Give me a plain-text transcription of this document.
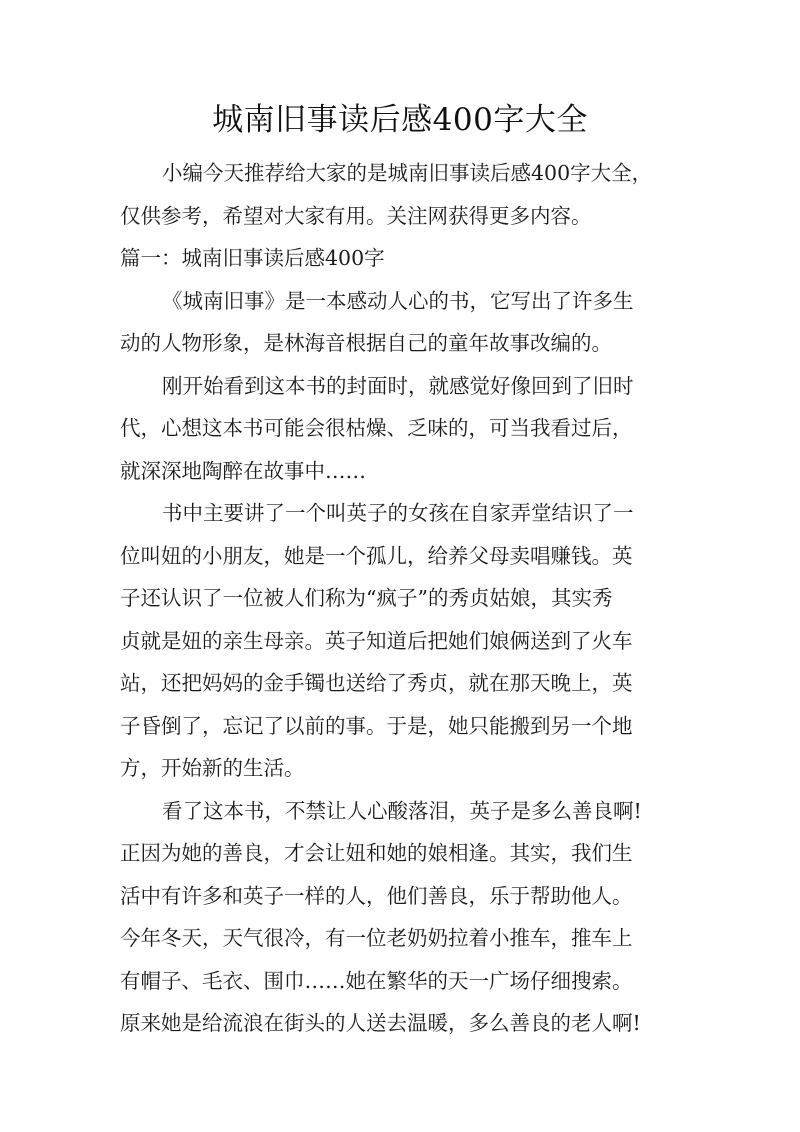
城南旧事读后感400字大全
小编今天推荐给大家的是城南旧事读后感400字大全，
仅供参考，希望对大家有用。关注网获得更多内容。
篇一：城南旧事读后感400字
《城南旧事》是一本感动人心的书，它写出了许多生
动的人物形象，是林海音根据自己的童年故事改编的。
刚开始看到这本书的封面时，就感觉好像回到了旧时
代，心想这本书可能会很枯燥、乏味的，可当我看过后，
就深深地陶醉在故事中……
书中主要讲了一个叫英子的女孩在自家弄堂结识了一
位叫妞的小朋友，她是一个孤儿，给养父母卖唱赚钱。英
子还认识了一位被人们称为“疯子”的秀贞姑娘，其实秀
贞就是妞的亲生母亲。英子知道后把她们娘俩送到了火车
站，还把妈妈的金手镯也送给了秀贞，就在那天晚上，英
子昏倒了，忘记了以前的事。于是，她只能搬到另一个地
方，开始新的生活。
看了这本书，不禁让人心酸落泪，英子是多么善良啊!
正因为她的善良，才会让妞和她的娘相逢。其实，我们生
活中有许多和英子一样的人，他们善良，乐于帮助他人。
今年冬天，天气很冷，有一位老奶奶拉着小推车，推车上
有帽子、毛衣、围巾……她在繁华的天一广场仔细搜索。
原来她是给流浪在街头的人送去温暖，多么善良的老人啊!
